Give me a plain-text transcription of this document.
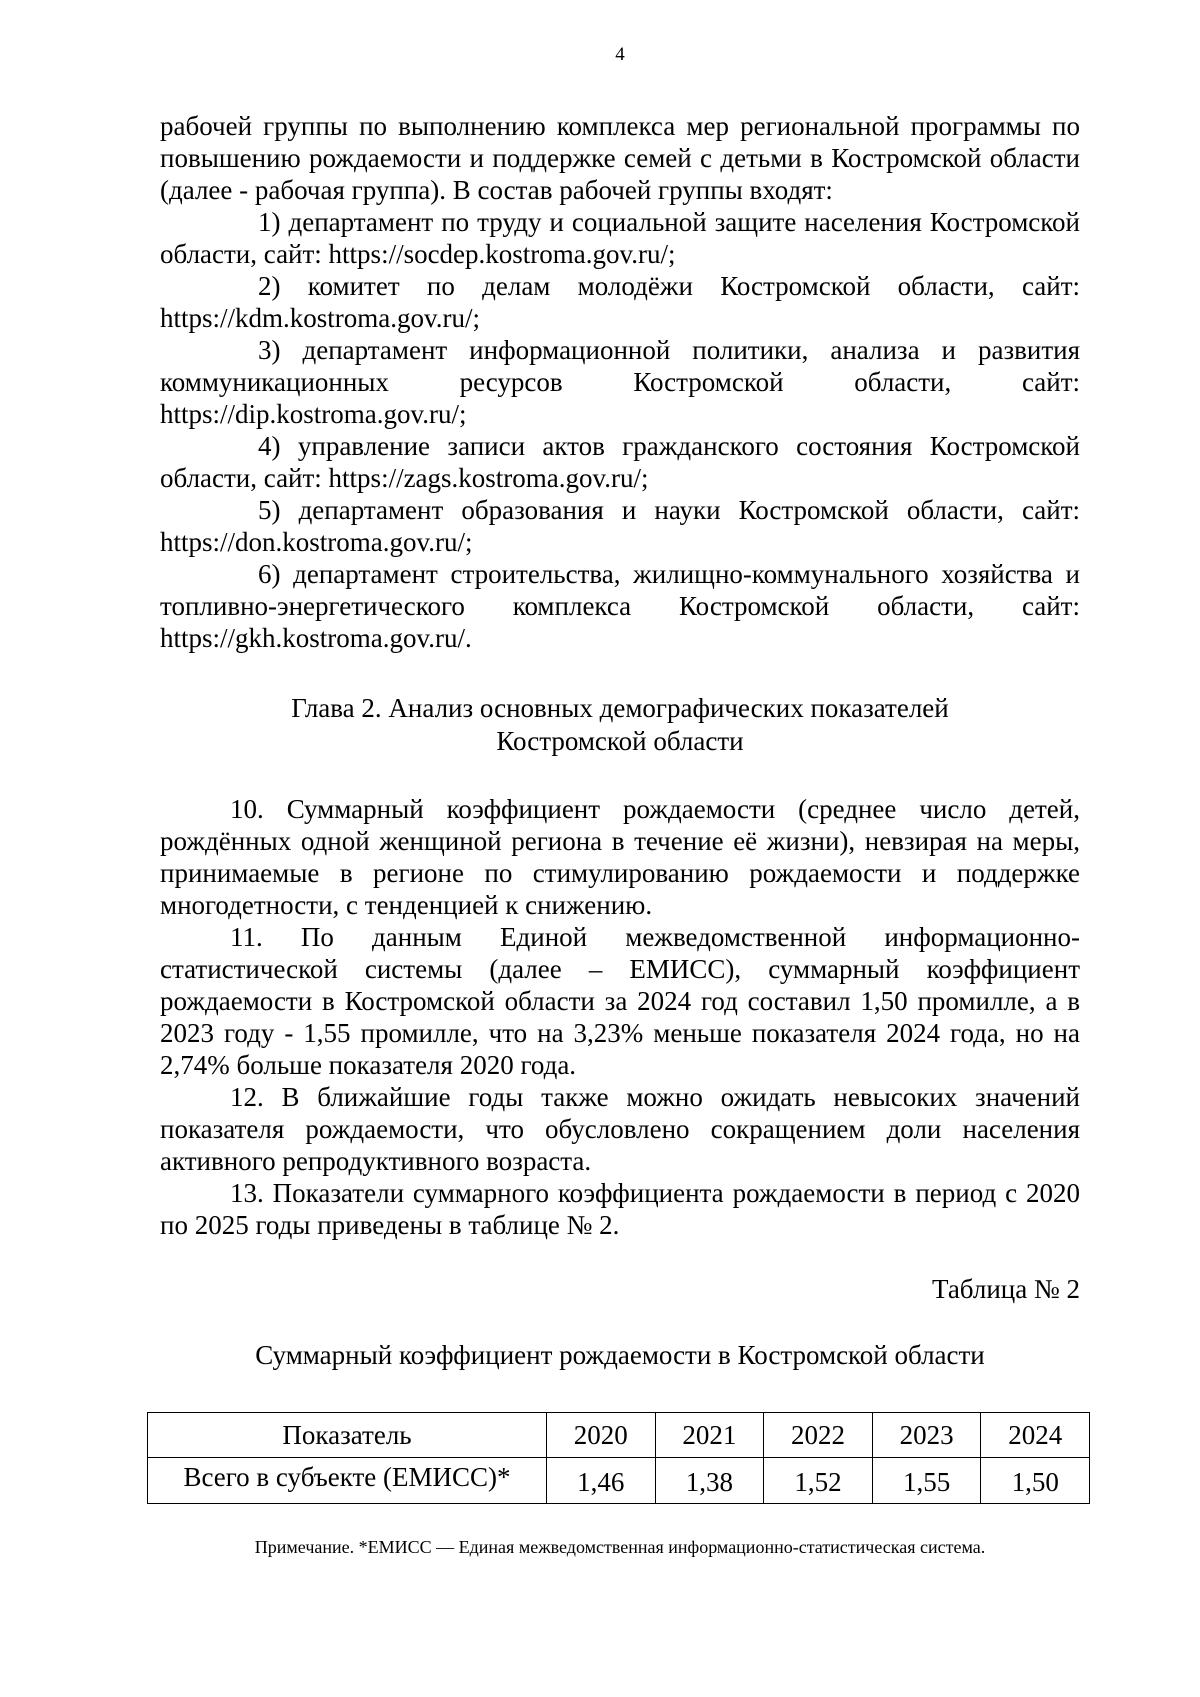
4

рабочей группы по выполнению комплекса мер региональной программы по повышению рождаемости и поддержке семей с детьми в Костромской области (далее - рабочая группа). В состав рабочей группы входят:

1) департамент по труду и социальной защите населения Костромской области, сайт: https://socdep.kostroma.gov.ru/;

2) комитет по делам молодёжи Костромской области, сайт: https://kdm.kostroma.gov.ru/;

3) департамент информационной политики, анализа и развития коммуникационных ресурсов Костромской области, сайт: https://dip.kostroma.gov.ru/;

4) управление записи актов гражданского состояния Костромской области, сайт: https://zags.kostroma.gov.ru/;

5) департамент образования и науки Костромской области, сайт: https://don.kostroma.gov.ru/;

6) департамент строительства, жилищно-коммунального хозяйства и топливно-энергетического комплекса Костромской области, сайт: https://gkh.kostroma.gov.ru/.

Глава 2. Анализ основных демографических показателей
Костромской области

10. Суммарный коэффициент рождаемости (среднее число детей, рождённых одной женщиной региона в течение её жизни), невзирая на меры, принимаемые в регионе по стимулированию рождаемости и поддержке многодетности, с тенденцией к снижению.

11. По данным Единой межведомственной информационно-статистической системы (далее – ЕМИСС), суммарный коэффициент рождаемости в Костромской области за 2024 год составил 1,50 промилле, а в 2023 году - 1,55 промилле, что на 3,23% меньше показателя 2024 года, но на 2,74% больше показателя 2020 года.

12. В ближайшие годы также можно ожидать невысоких значений показателя рождаемости, что обусловлено сокращением доли населения активного репродуктивного возраста.

13. Показатели суммарного коэффициента рождаемости в период с 2020 по 2025 годы приведены в таблице № 2.

Таблица № 2
Суммарный коэффициент рождаемости в Костромской области
Показатель	2020	2021	2022	2023	2024
Всего в субъекте (ЕМИСС)*	1,46	1,38	1,52	1,55	1,50
Примечание. *ЕМИСС — Единая межведомственная информационно-статистическая система.
